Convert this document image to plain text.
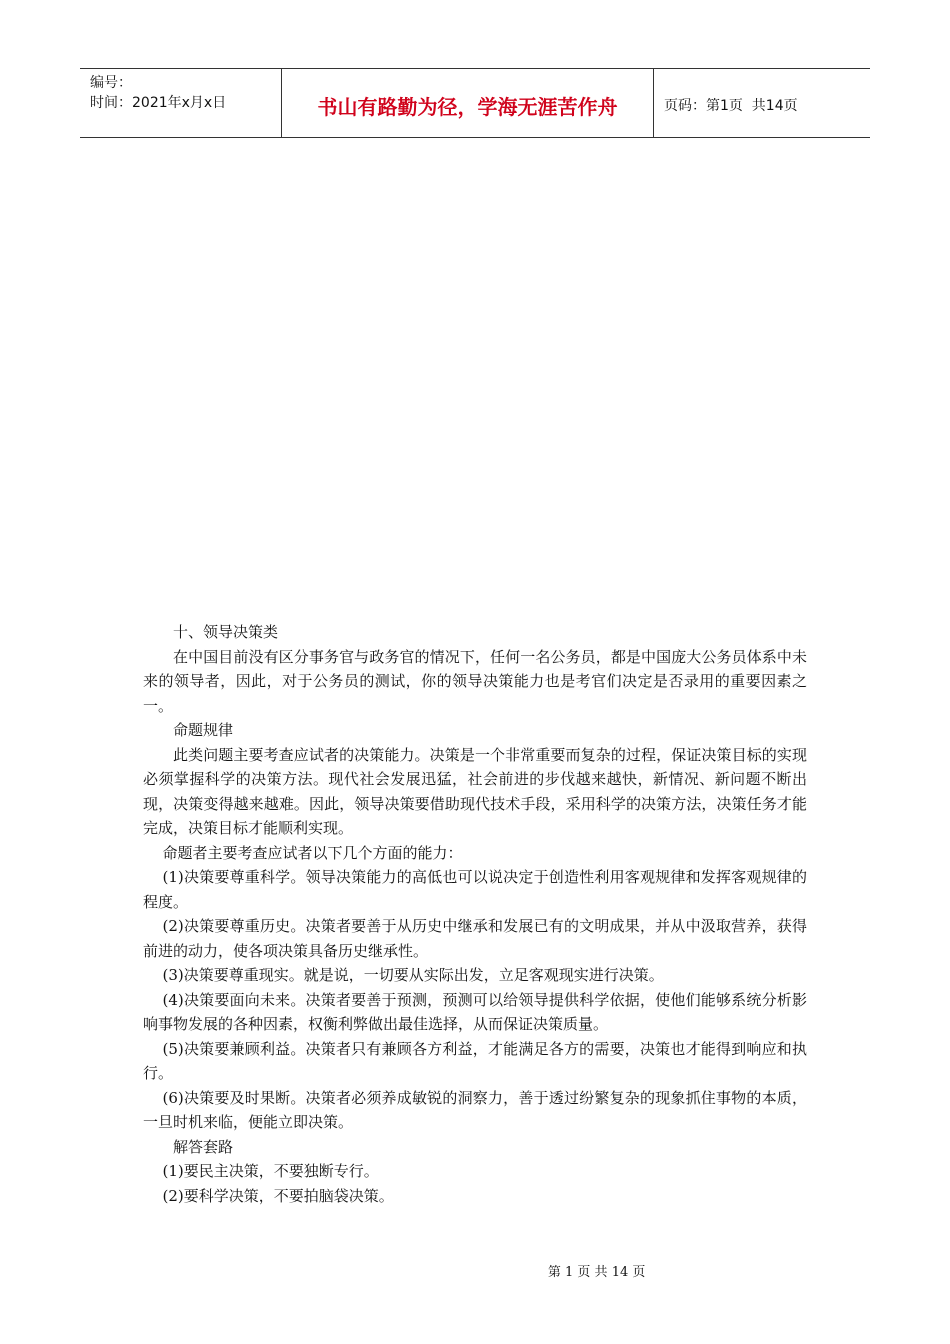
编号：
时间：2021年x月x日	书山有路勤为径，学海无涯苦作舟	页码：第1页  共14页

十、领导决策类

在中国目前没有区分事务官与政务官的情况下，任何一名公务员，都是中国庞大公务员体系中未来的领导者，因此，对于公务员的测试，你的领导决策能力也是考官们决定是否录用的重要因素之一。

命题规律

此类问题主要考查应试者的决策能力。决策是一个非常重要而复杂的过程，保证决策目标的实现必须掌握科学的决策方法。现代社会发展迅猛，社会前进的步伐越来越快，新情况、新问题不断出现，决策变得越来越难。因此，领导决策要借助现代技术手段，采用科学的决策方法，决策任务才能完成，决策目标才能顺利实现。

命题者主要考查应试者以下几个方面的能力：

(1)决策要尊重科学。领导决策能力的高低也可以说决定于创造性利用客观规律和发挥客观规律的程度。

(2)决策要尊重历史。决策者要善于从历史中继承和发展已有的文明成果，并从中汲取营养，获得前进的动力，使各项决策具备历史继承性。

(3)决策要尊重现实。就是说，一切要从实际出发，立足客观现实进行决策。

(4)决策要面向未来。决策者要善于预测，预测可以给领导提供科学依据，使他们能够系统分析影响事物发展的各种因素，权衡利弊做出最佳选择，从而保证决策质量。

(5)决策要兼顾利益。决策者只有兼顾各方利益，才能满足各方的需要，决策也才能得到响应和执行。

(6)决策要及时果断。决策者必须养成敏锐的洞察力，善于透过纷繁复杂的现象抓住事物的本质，一旦时机来临，便能立即决策。

解答套路

(1)要民主决策，不要独断专行。

(2)要科学决策，不要拍脑袋决策。

第 1 页 共 14 页
